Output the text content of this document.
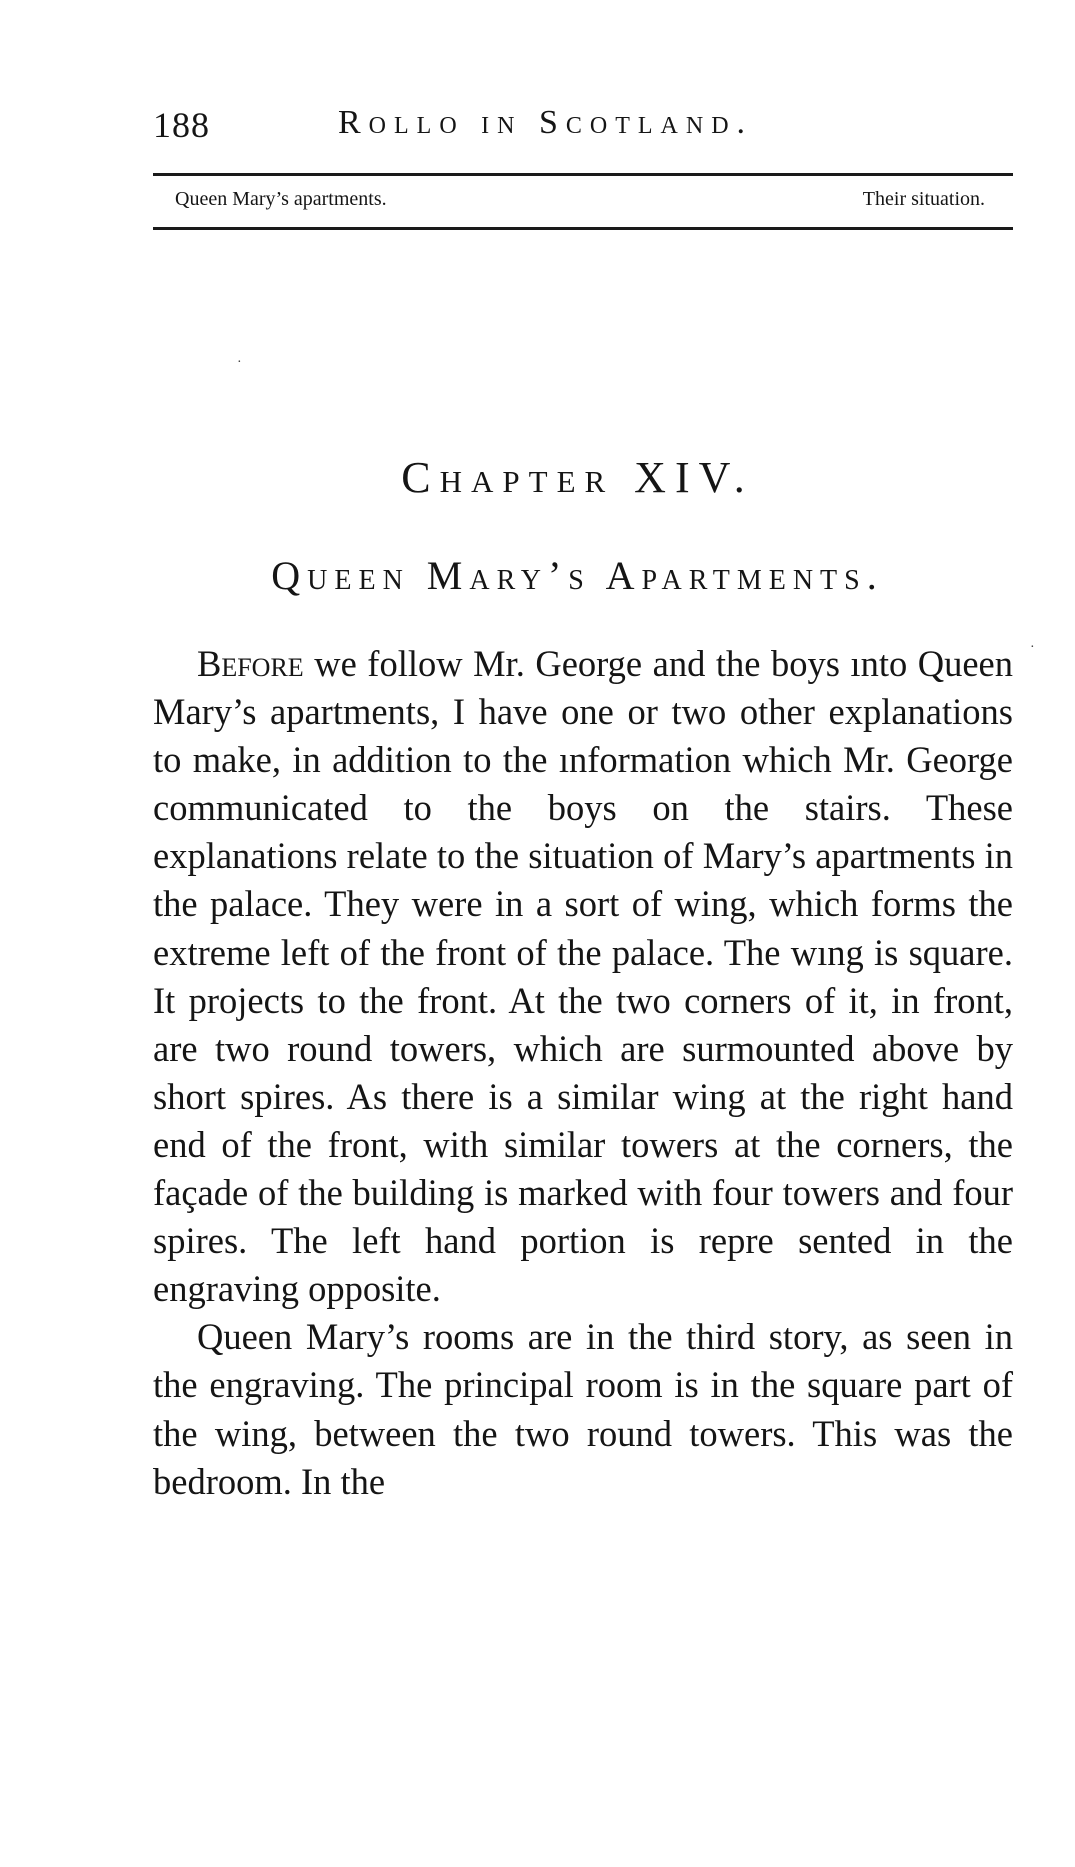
188	Rollo in Scotland.
Queen Mary’s apartments.	Their situation.
·
·
Chapter XIV.
Queen Mary’s Apartments.

Before we follow Mr. George and the boys ınto Queen Mary’s apartments, I have one or two other explanations to make, in addition to the ınformation which Mr. George communicated to the boys on the stairs. These explanations relate to the situation of Mary’s apartments in the palace. They were in a sort of wing, which forms the extreme left of the front of the palace. The wıng is square. It projects to the front. At the two corners of it, in front, are two round towers, which are surmounted above by short spires. As there is a similar wing at the right hand end of the front, with similar towers at the corners, the façade of the building is marked with four towers and four spires. The left hand portion is repre sented in the engraving opposite.

Queen Mary’s rooms are in the third story, as seen in the engraving. The principal room is in the square part of the wing, between the two round towers. This was the bedroom. In the
